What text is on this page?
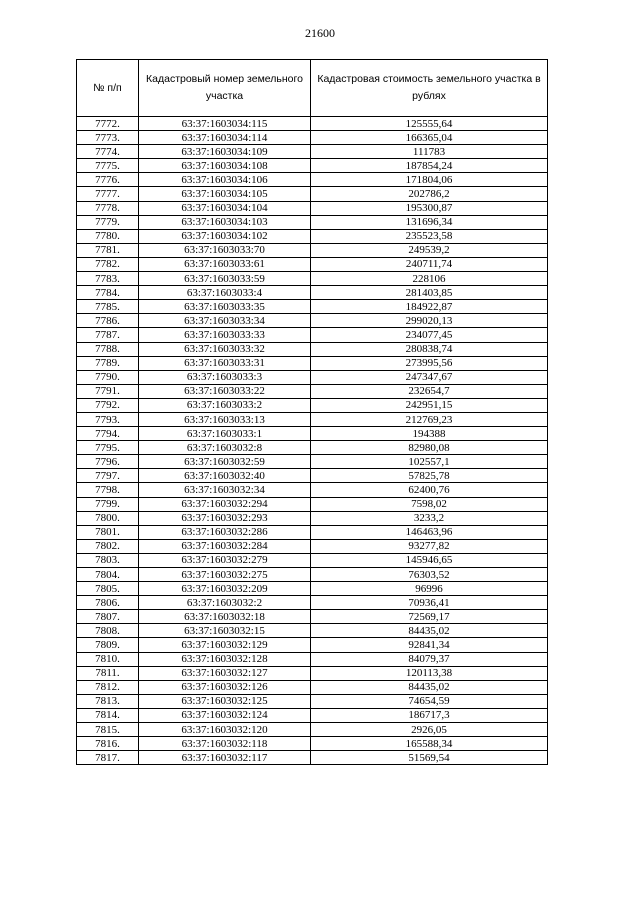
21600
№ п/п	Кадастровый номер земельного участка	Кадастровая стоимость земельного участка в рублях
7772.	63:37:1603034:115	125555,64
7773.	63:37:1603034:114	166365,04
7774.	63:37:1603034:109	111783
7775.	63:37:1603034:108	187854,24
7776.	63:37:1603034:106	171804,06
7777.	63:37:1603034:105	202786,2
7778.	63:37:1603034:104	195300,87
7779.	63:37:1603034:103	131696,34
7780.	63:37:1603034:102	235523,58
7781.	63:37:1603033:70	249539,2
7782.	63:37:1603033:61	240711,74
7783.	63:37:1603033:59	228106
7784.	63:37:1603033:4	281403,85
7785.	63:37:1603033:35	184922,87
7786.	63:37:1603033:34	299020,13
7787.	63:37:1603033:33	234077,45
7788.	63:37:1603033:32	280838,74
7789.	63:37:1603033:31	273995,56
7790.	63:37:1603033:3	247347,67
7791.	63:37:1603033:22	232654,7
7792.	63:37:1603033:2	242951,15
7793.	63:37:1603033:13	212769,23
7794.	63:37:1603033:1	194388
7795.	63:37:1603032:8	82980,08
7796.	63:37:1603032:59	102557,1
7797.	63:37:1603032:40	57825,78
7798.	63:37:1603032:34	62400,76
7799.	63:37:1603032:294	7598,02
7800.	63:37:1603032:293	3233,2
7801.	63:37:1603032:286	146463,96
7802.	63:37:1603032:284	93277,82
7803.	63:37:1603032:279	145946,65
7804.	63:37:1603032:275	76303,52
7805.	63:37:1603032:209	96996
7806.	63:37:1603032:2	70936,41
7807.	63:37:1603032:18	72569,17
7808.	63:37:1603032:15	84435,02
7809.	63:37:1603032:129	92841,34
7810.	63:37:1603032:128	84079,37
7811.	63:37:1603032:127	120113,38
7812.	63:37:1603032:126	84435,02
7813.	63:37:1603032:125	74654,59
7814.	63:37:1603032:124	186717,3
7815.	63:37:1603032:120	2926,05
7816.	63:37:1603032:118	165588,34
7817.	63:37:1603032:117	51569,54
